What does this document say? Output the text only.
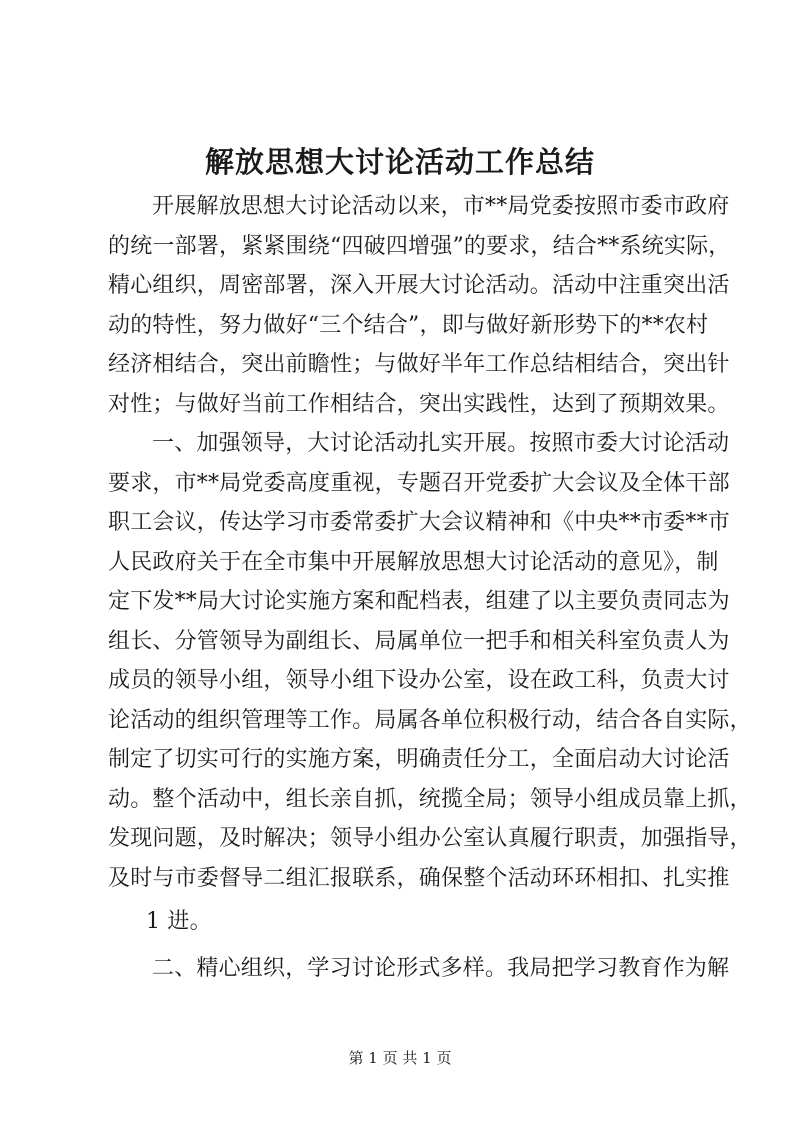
解放思想大讨论活动工作总结
开展解放思想大讨论活动以来，市**局党委按照市委市政府
的统一部署，紧紧围绕“四破四增强”的要求，结合**系统实际，
精心组织，周密部署，深入开展大讨论活动。活动中注重突出活
动的特性，努力做好“三个结合”，即与做好新形势下的**农村
经济相结合，突出前瞻性；与做好半年工作总结相结合，突出针
对性；与做好当前工作相结合，突出实践性，达到了预期效果。
一、加强领导，大讨论活动扎实开展。按照市委大讨论活动
要求，市**局党委高度重视，专题召开党委扩大会议及全体干部
职工会议，传达学习市委常委扩大会议精神和《中央**市委**市
人民政府关于在全市集中开展解放思想大讨论活动的意见》，制
定下发**局大讨论实施方案和配档表，组建了以主要负责同志为
组长、分管领导为副组长、局属单位一把手和相关科室负责人为
成员的领导小组，领导小组下设办公室，设在政工科，负责大讨
论活动的组织管理等工作。局属各单位积极行动，结合各自实际，
制定了切实可行的实施方案，明确责任分工，全面启动大讨论活
动。整个活动中，组长亲自抓，统揽全局；领导小组成员靠上抓，
发现问题，及时解决；领导小组办公室认真履行职责，加强指导，
及时与市委督导二组汇报联系，确保整个活动环环相扣、扎实推
1 进。
二、精心组织，学习讨论形式多样。我局把学习教育作为解
第 1 页 共 1 页
